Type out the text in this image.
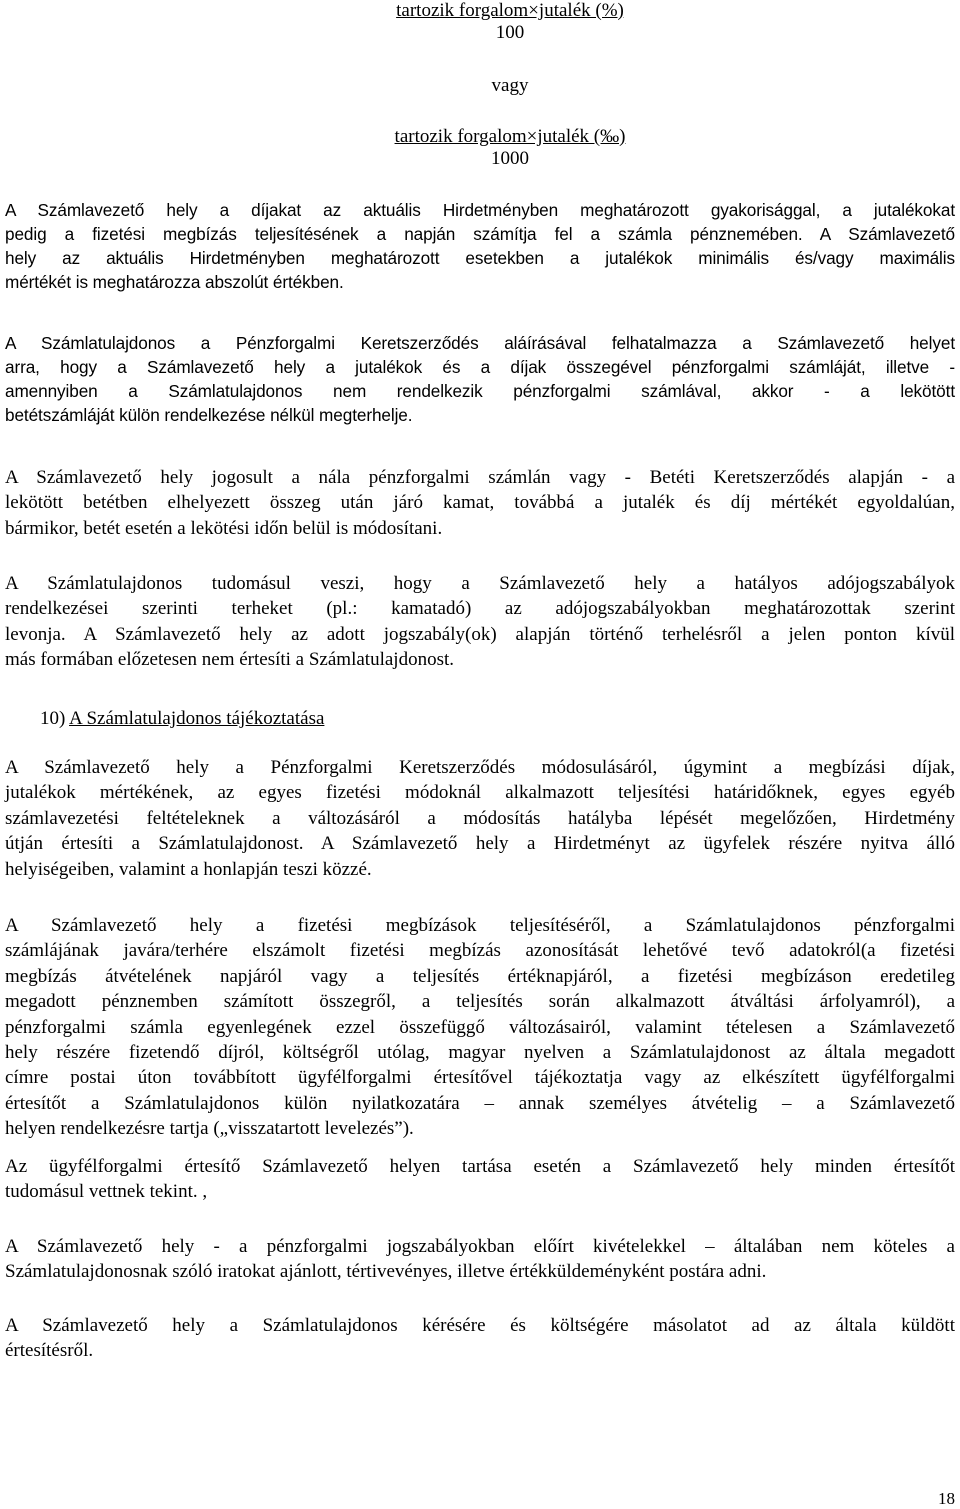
tartozik forgalom×jutalék (%)
100
vagy
tartozik forgalom×jutalék (‰)
1000
A Számlavezető hely a díjakat az aktuális Hirdetményben meghatározott gyakorisággal, a jutalékokat
pedig a fizetési megbízás teljesítésének a napján számítja fel a számla pénznemében. A Számlavezető
hely az aktuális Hirdetményben meghatározott esetekben a jutalékok minimális és/vagy maximális
mértékét is meghatározza abszolút értékben.
A Számlatulajdonos a Pénzforgalmi Keretszerződés aláírásával felhatalmazza a Számlavezető helyet
arra, hogy a Számlavezető hely a jutalékok és a díjak összegével pénzforgalmi számláját, illetve -
amennyiben a Számlatulajdonos nem rendelkezik pénzforgalmi számlával, akkor - a lekötött
betétszámláját külön rendelkezése nélkül megterhelje.
A Számlavezető hely jogosult a nála pénzforgalmi számlán vagy - Betéti Keretszerződés alapján - a
lekötött betétben elhelyezett összeg után járó kamat, továbbá a jutalék és díj mértékét egyoldalúan,
bármikor, betét esetén a lekötési időn belül is módosítani.
A Számlatulajdonos tudomásul veszi, hogy a Számlavezető hely a hatályos adójogszabályok
rendelkezései szerinti terheket (pl.: kamatadó) az adójogszabályokban meghatározottak szerint
levonja. A Számlavezető hely az adott jogszabály(ok) alapján történő terhelésről a jelen ponton kívül
más formában előzetesen nem értesíti a Számlatulajdonost.
10) A Számlatulajdonos tájékoztatása
A Számlavezető hely a Pénzforgalmi Keretszerződés módosulásáról, úgymint a megbízási díjak,
jutalékok mértékének, az egyes fizetési módoknál alkalmazott teljesítési határidőknek, egyes egyéb
számlavezetési feltételeknek a változásáról a módosítás hatályba lépését megelőzően, Hirdetmény
útján értesíti a Számlatulajdonost. A Számlavezető hely a Hirdetményt az ügyfelek részére nyitva álló
helyiségeiben, valamint a honlapján teszi közzé.
A Számlavezető hely a fizetési megbízások teljesítéséről, a Számlatulajdonos pénzforgalmi
számlájának javára/terhére elszámolt fizetési megbízás azonosítását lehetővé tevő adatokról(a fizetési
megbízás átvételének napjáról vagy a teljesítés értéknapjáról, a fizetési megbízáson eredetileg
megadott pénznemben számított összegről, a teljesítés során alkalmazott átváltási árfolyamról), a
pénzforgalmi számla egyenlegének ezzel összefüggő változásairól, valamint tételesen a Számlavezető
hely részére fizetendő díjról, költségről utólag, magyar nyelven a Számlatulajdonost az általa megadott
címre postai úton továbbított ügyfélforgalmi értesítővel tájékoztatja vagy az elkészített ügyfélforgalmi
értesítőt a Számlatulajdonos külön nyilatkozatára – annak személyes átvételig – a Számlavezető
helyen rendelkezésre tartja („visszatartott levelezés”).
Az ügyfélforgalmi értesítő Számlavezető helyen tartása esetén a Számlavezető hely minden értesítőt
tudomásul vettnek tekint. ,
A Számlavezető hely - a pénzforgalmi jogszabályokban előírt kivételekkel – általában nem köteles a
Számlatulajdonosnak szóló iratokat ajánlott, tértivevényes, illetve értékküldeményként postára adni.
A Számlavezető hely a Számlatulajdonos kérésére és költségére másolatot ad az általa küldött
értesítésről.
18
